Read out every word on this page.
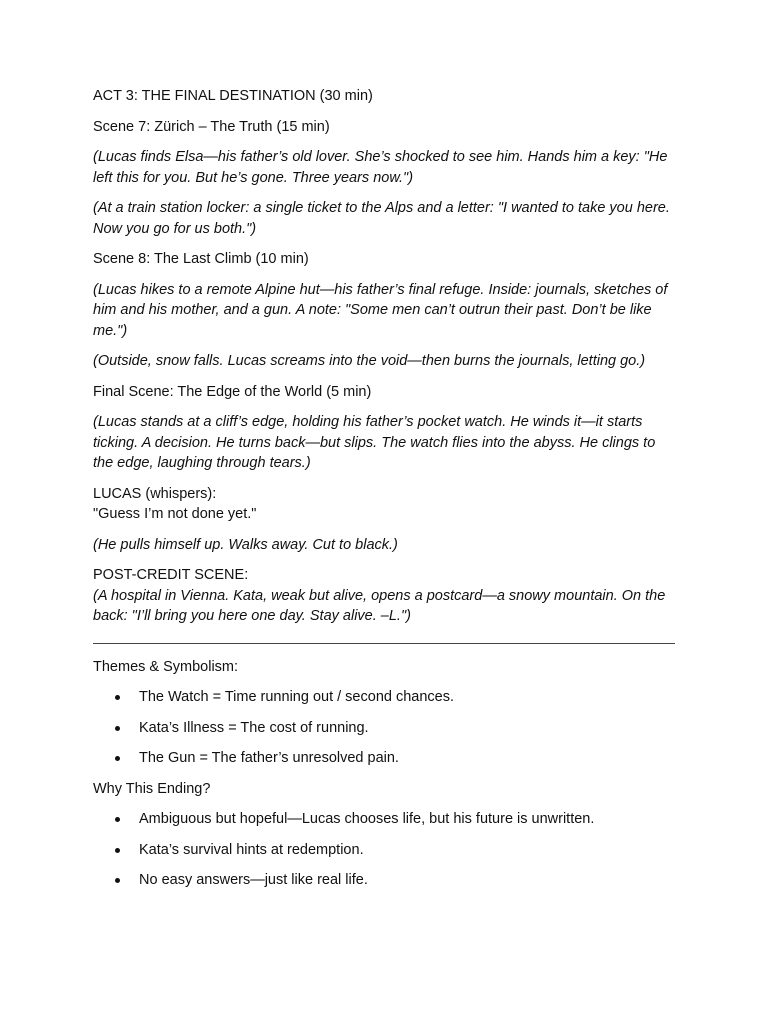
ACT 3: THE FINAL DESTINATION (30 min)

Scene 7: Zürich – The Truth (15 min)

(Lucas finds Elsa—his father’s old lover. She’s shocked to see him. Hands him a key: "He left this for you. But he’s gone. Three years now.")

(At a train station locker: a single ticket to the Alps and a letter: "I wanted to take you here. Now you go for us both.")

Scene 8: The Last Climb (10 min)

(Lucas hikes to a remote Alpine hut—his father’s final refuge. Inside: journals, sketches of him and his mother, and a gun. A note: "Some men can’t outrun their past. Don’t be like me.")

(Outside, snow falls. Lucas screams into the void—then burns the journals, letting go.)

Final Scene: The Edge of the World (5 min)

(Lucas stands at a cliff’s edge, holding his father’s pocket watch. He winds it—it starts ticking. A decision. He turns back—but slips. The watch flies into the abyss. He clings to the edge, laughing through tears.)

LUCAS (whispers):

"Guess I’m not done yet."

(He pulls himself up. Walks away. Cut to black.)

POST-CREDIT SCENE:

(A hospital in Vienna. Kata, weak but alive, opens a postcard—a snowy mountain. On the back: "I’ll bring you here one day. Stay alive. –L.")

Themes & Symbolism:

The Watch = Time running out / second chances.
Kata’s Illness = The cost of running.
The Gun = The father’s unresolved pain.

Why This Ending?

Ambiguous but hopeful—Lucas chooses life, but his future is unwritten.
Kata’s survival hints at redemption.
No easy answers—just like real life.
